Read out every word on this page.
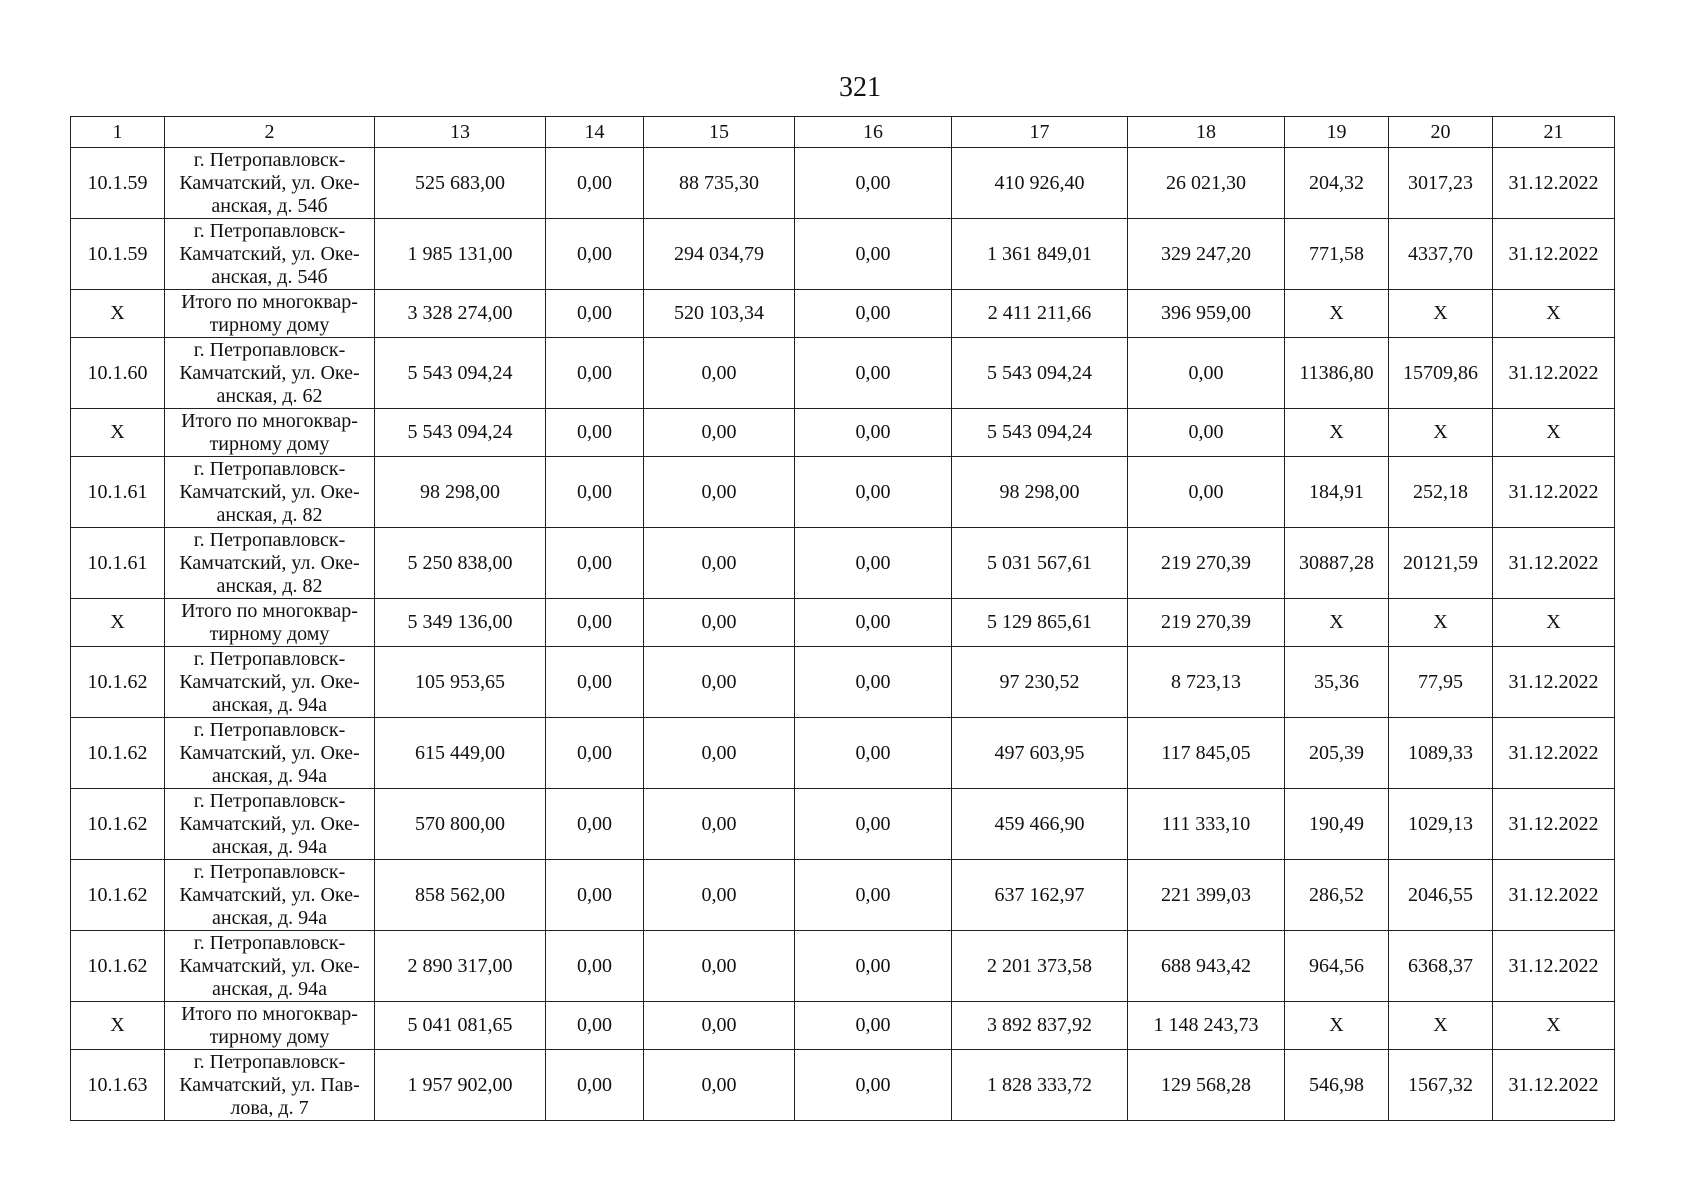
321
1	2	13	14	15	16	17	18	19	20	21
10.1.59	г. Петропавловск-
Камчатский, ул. Оке-
анская, д. 54б	525 683,00	0,00	88 735,30	0,00	410 926,40	26 021,30	204,32	3017,23	31.12.2022
10.1.59	г. Петропавловск-
Камчатский, ул. Оке-
анская, д. 54б	1 985 131,00	0,00	294 034,79	0,00	1 361 849,01	329 247,20	771,58	4337,70	31.12.2022
X	Итого по многоквар-
тирному дому	3 328 274,00	0,00	520 103,34	0,00	2 411 211,66	396 959,00	X	X	X
10.1.60	г. Петропавловск-
Камчатский, ул. Оке-
анская, д. 62	5 543 094,24	0,00	0,00	0,00	5 543 094,24	0,00	11386,80	15709,86	31.12.2022
X	Итого по многоквар-
тирному дому	5 543 094,24	0,00	0,00	0,00	5 543 094,24	0,00	X	X	X
10.1.61	г. Петропавловск-
Камчатский, ул. Оке-
анская, д. 82	98 298,00	0,00	0,00	0,00	98 298,00	0,00	184,91	252,18	31.12.2022
10.1.61	г. Петропавловск-
Камчатский, ул. Оке-
анская, д. 82	5 250 838,00	0,00	0,00	0,00	5 031 567,61	219 270,39	30887,28	20121,59	31.12.2022
X	Итого по многоквар-
тирному дому	5 349 136,00	0,00	0,00	0,00	5 129 865,61	219 270,39	X	X	X
10.1.62	г. Петропавловск-
Камчатский, ул. Оке-
анская, д. 94а	105 953,65	0,00	0,00	0,00	97 230,52	8 723,13	35,36	77,95	31.12.2022
10.1.62	г. Петропавловск-
Камчатский, ул. Оке-
анская, д. 94а	615 449,00	0,00	0,00	0,00	497 603,95	117 845,05	205,39	1089,33	31.12.2022
10.1.62	г. Петропавловск-
Камчатский, ул. Оке-
анская, д. 94а	570 800,00	0,00	0,00	0,00	459 466,90	111 333,10	190,49	1029,13	31.12.2022
10.1.62	г. Петропавловск-
Камчатский, ул. Оке-
анская, д. 94а	858 562,00	0,00	0,00	0,00	637 162,97	221 399,03	286,52	2046,55	31.12.2022
10.1.62	г. Петропавловск-
Камчатский, ул. Оке-
анская, д. 94а	2 890 317,00	0,00	0,00	0,00	2 201 373,58	688 943,42	964,56	6368,37	31.12.2022
X	Итого по многоквар-
тирному дому	5 041 081,65	0,00	0,00	0,00	3 892 837,92	1 148 243,73	X	X	X
10.1.63	г. Петропавловск-
Камчатский, ул. Пав-
лова, д. 7	1 957 902,00	0,00	0,00	0,00	1 828 333,72	129 568,28	546,98	1567,32	31.12.2022
